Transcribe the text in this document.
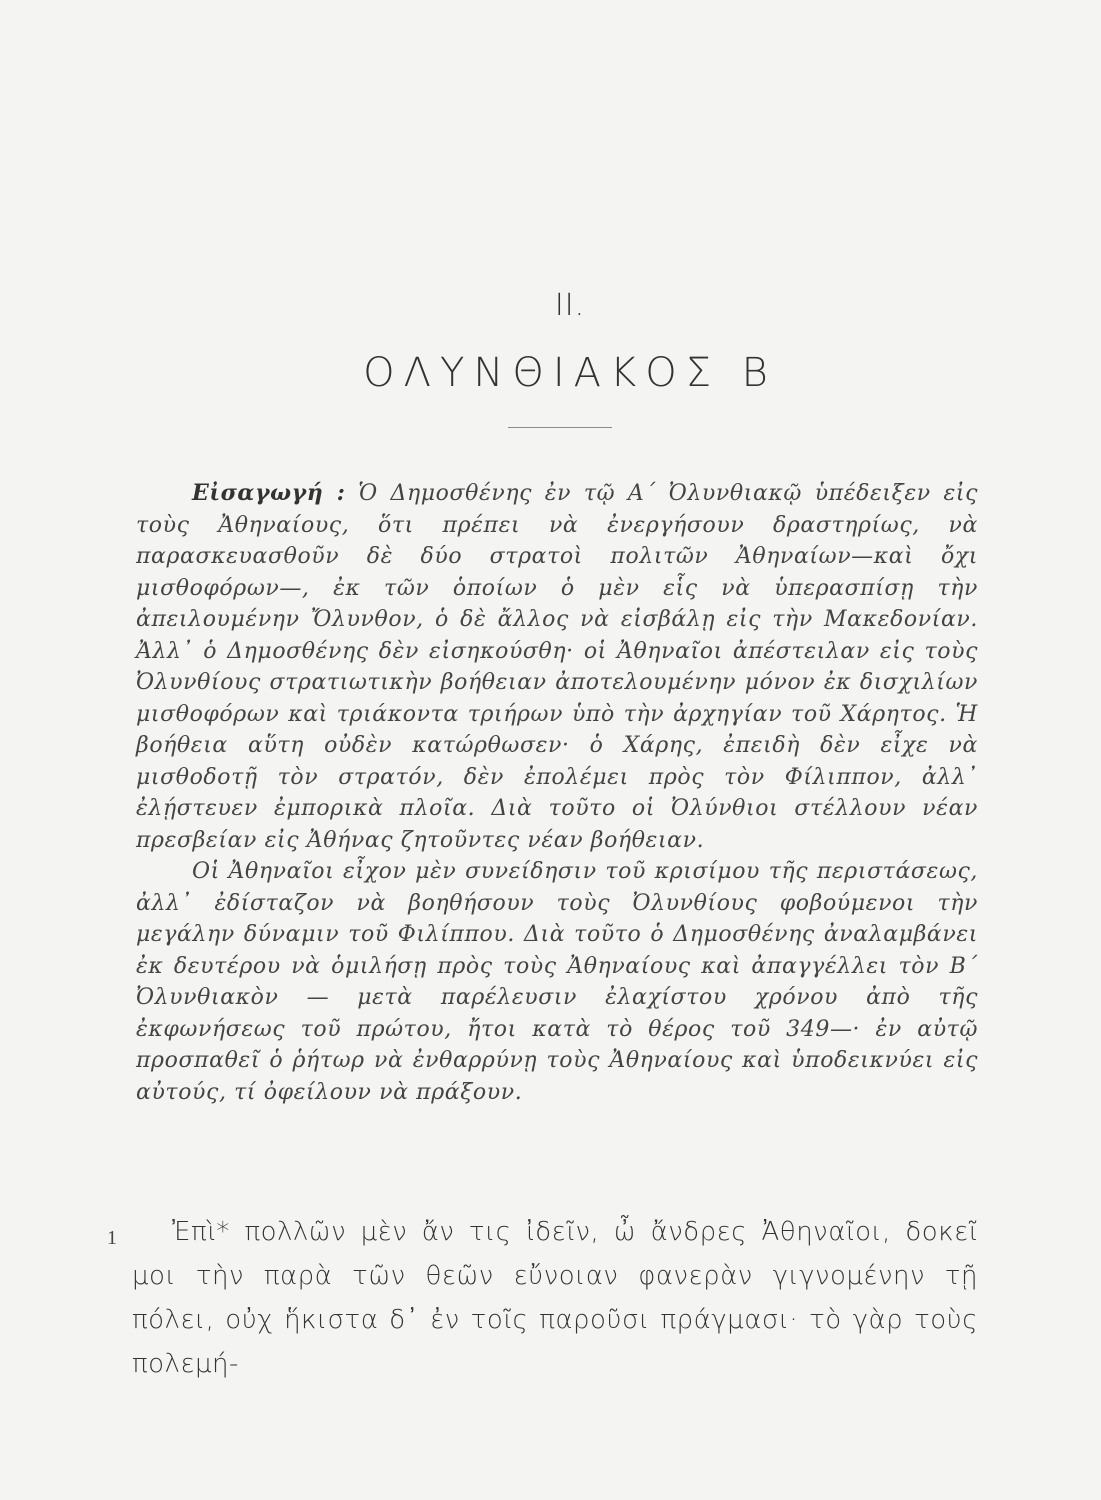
II.
ΟΛΥΝΘΙΑΚΟΣ Β

Εἰσαγωγή : Ὁ Δημοσθένης ἐν τῷ Α΄ Ὀλυνθιακῷ ὑπέδειξεν εἰς τοὺς Ἀθηναίους, ὅτι πρέπει νὰ ἐνεργήσουν δραστηρίως, νὰ παρασκευασθοῦν δὲ δύο στρατοὶ πολιτῶν Ἀθηναίων—καὶ ὄχι μισθοφόρων—, ἐκ τῶν ὁποίων ὁ μὲν εἷς νὰ ὑπερασπίσῃ τὴν ἀπειλουμένην Ὄλυνθον, ὁ δὲ ἄλλος νὰ εἰσβάλῃ εἰς τὴν Μακεδονίαν. Ἀλλ᾽ ὁ Δημοσθένης δὲν εἰσηκούσθη· οἱ Ἀθηναῖοι ἀπέστειλαν εἰς τοὺς Ὀλυνθίους στρατιωτικὴν βοήθειαν ἀποτελουμένην μόνον ἐκ δισχιλίων μισθοφόρων καὶ τριάκοντα τριήρων ὑπὸ τὴν ἀρχηγίαν τοῦ Χάρητος. Ἡ βοήθεια αὕτη οὐδὲν κατώρθωσεν· ὁ Χάρης, ἐπειδὴ δὲν εἶχε νὰ μισθοδοτῇ τὸν στρατόν, δὲν ἐπολέμει πρὸς τὸν Φίλιππον, ἀλλ᾽ ἐλῄστευεν ἐμπορικὰ πλοῖα. Διὰ τοῦτο οἱ Ὀλύνθιοι στέλλουν νέαν πρεσβείαν εἰς Ἀθήνας ζητοῦντες νέαν βοήθειαν.

Οἱ Ἀθηναῖοι εἶχον μὲν συνείδησιν τοῦ κρισίμου τῆς περιστάσεως, ἀλλ᾽ ἐδίσταζον νὰ βοηθήσουν τοὺς Ὀλυνθίους φοβούμενοι τὴν μεγάλην δύναμιν τοῦ Φιλίππου. Διὰ τοῦτο ὁ Δημοσθένης ἀναλαμβάνει ἐκ δευτέρου νὰ ὁμιλήσῃ πρὸς τοὺς Ἀθηναίους καὶ ἀπαγγέλλει τὸν Β΄ Ὀλυνθιακὸν — μετὰ παρέλευσιν ἐλαχίστου χρόνου ἀπὸ τῆς ἐκφωνήσεως τοῦ πρώτου, ἤτοι κατὰ τὸ θέρος τοῦ 349—· ἐν αὐτῷ προσπαθεῖ ὁ ῥήτωρ νὰ ἐνθαρρύνῃ τοὺς Ἀθηναίους καὶ ὑποδεικνύει εἰς αὐτούς, τί ὀφείλουν νὰ πράξουν.

1	Ἐπὶ* πολλῶν μὲν ἄν τις ἰδεῖν, ὦ ἄνδρες Ἀθηναῖοι, δοκεῖ μοι τὴν παρὰ τῶν θεῶν εὔνοιαν φανερὰν γιγνομένην τῇ πόλει, οὐχ ἥκιστα δ᾽ ἐν τοῖς παροῦσι πράγμασι· τὸ γὰρ τοὺς πολεμή-
